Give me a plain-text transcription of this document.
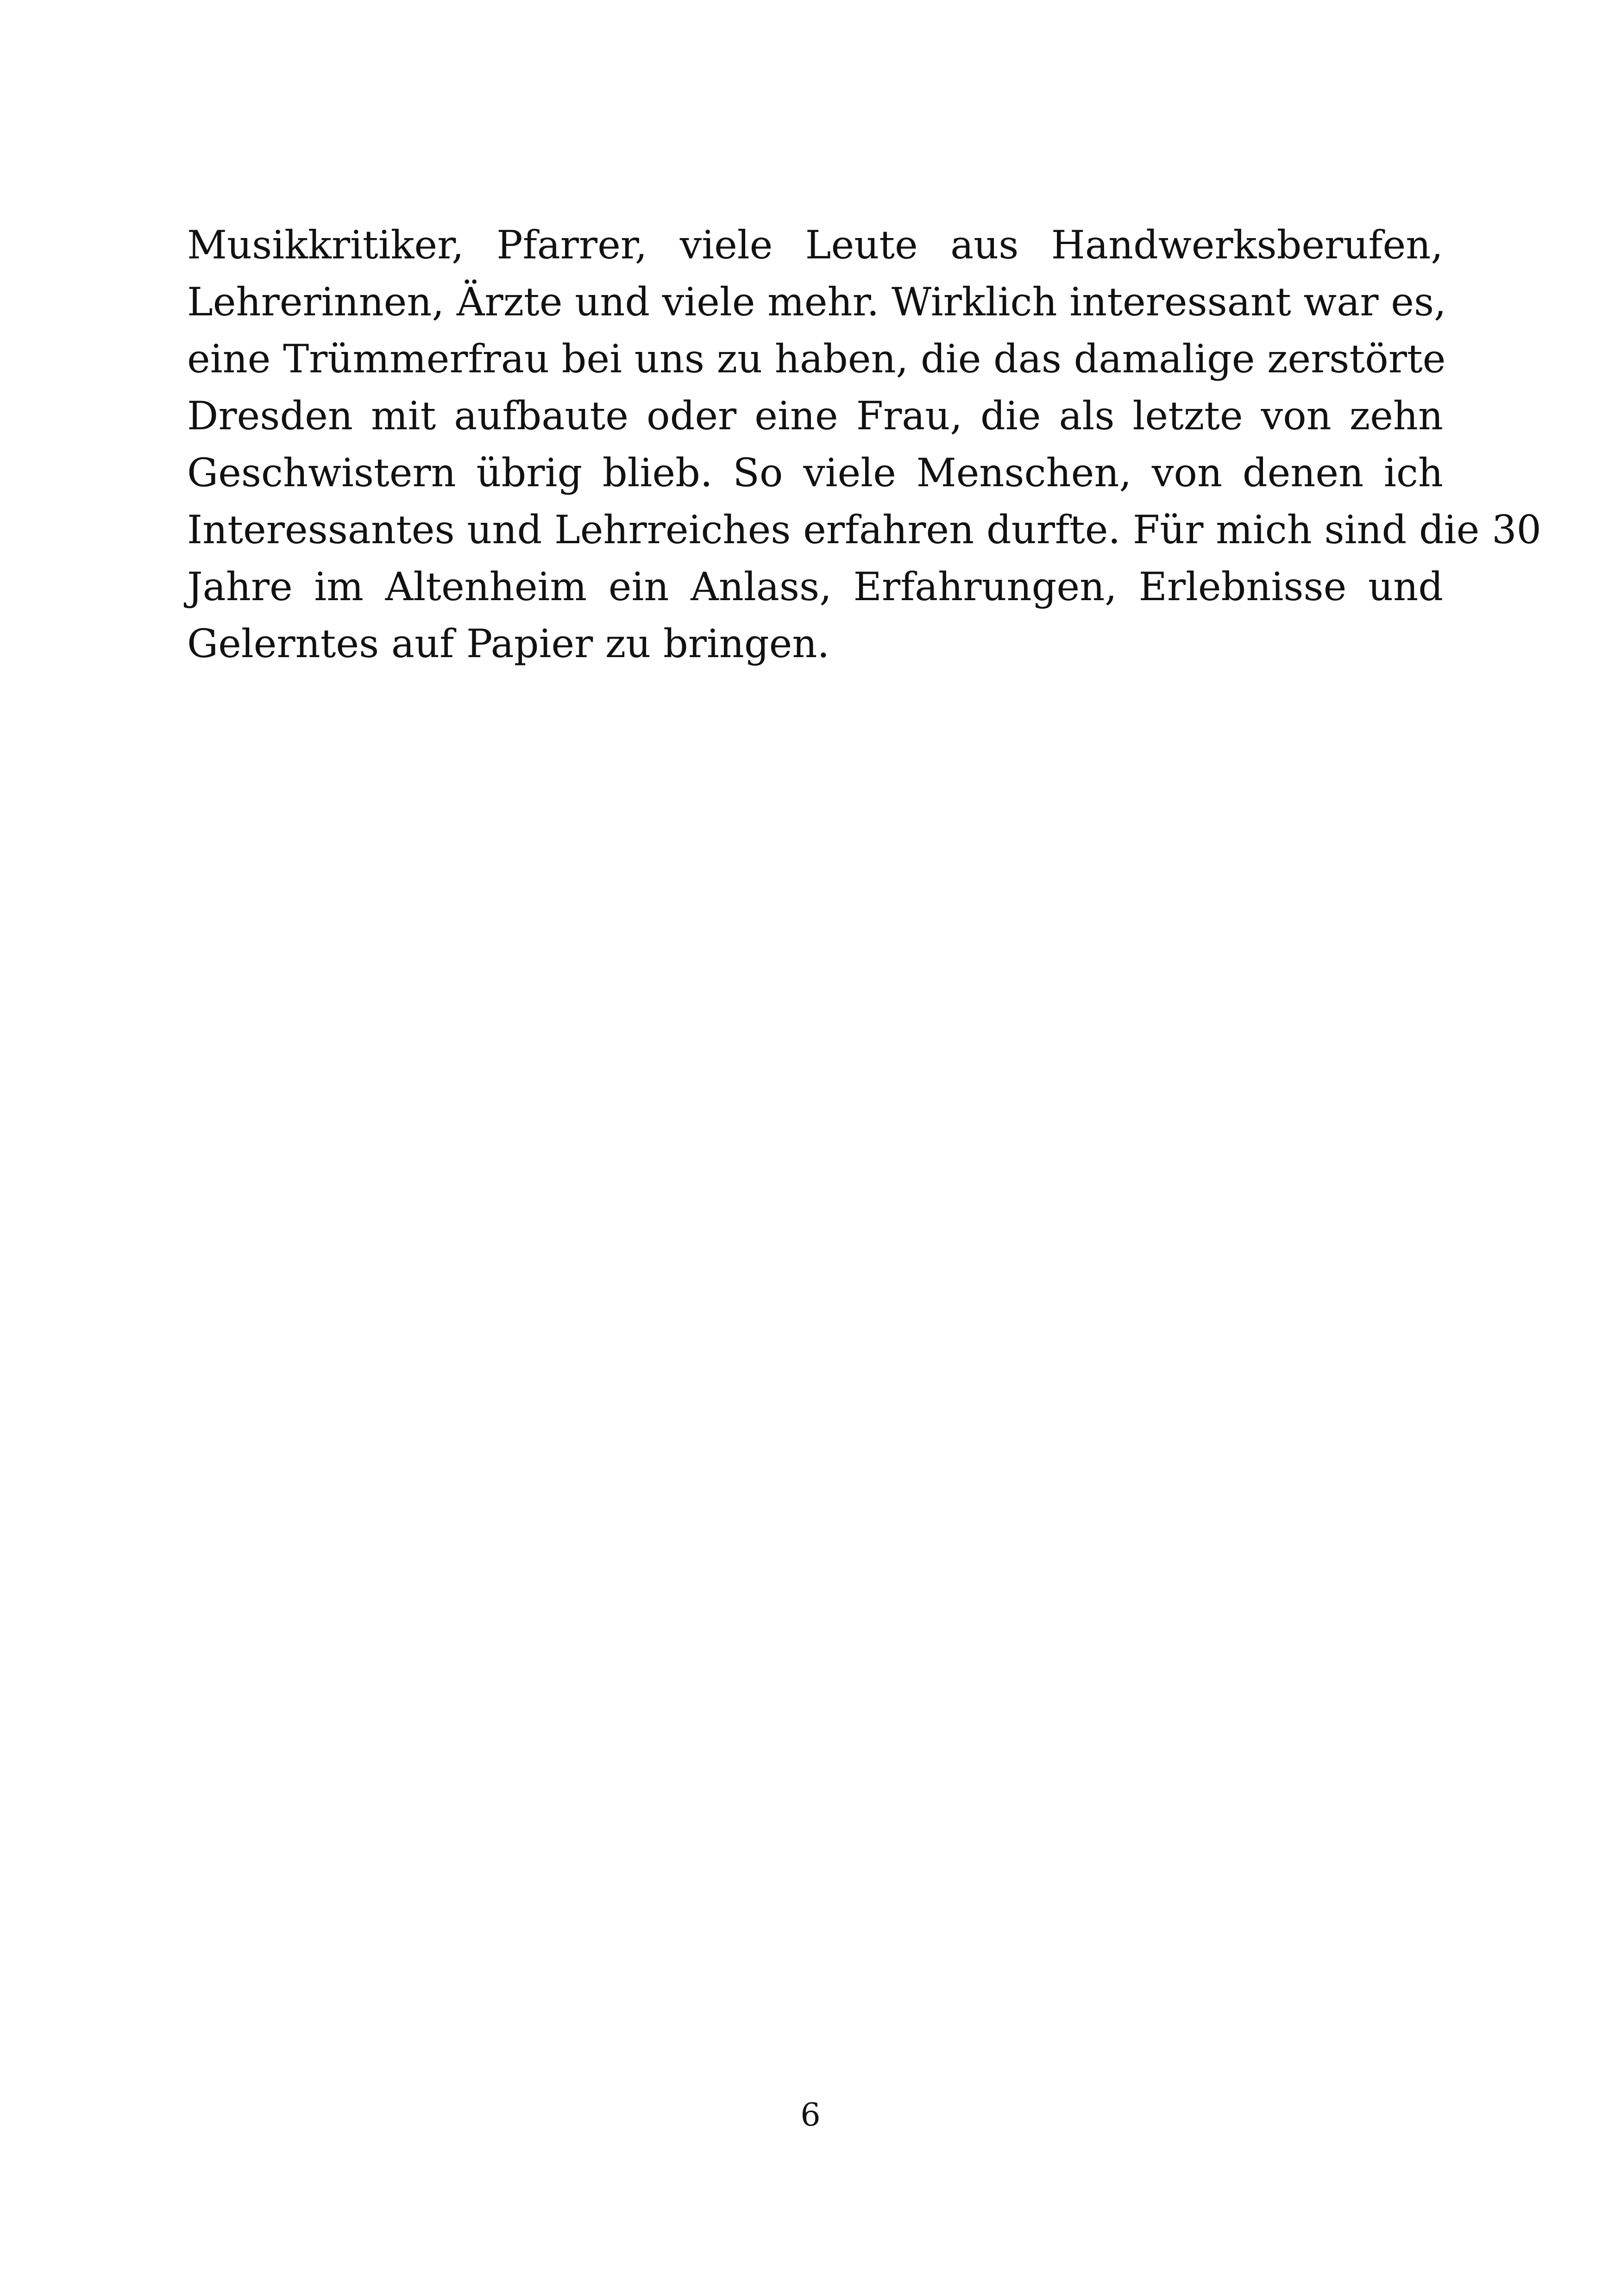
Musikkritiker, Pfarrer, viele Leute aus Handwerksberufen,
Lehrerinnen, Ärzte und viele mehr. Wirklich interessant war es,
eine Trümmerfrau bei uns zu haben, die das damalige zerstörte
Dresden mit aufbaute oder eine Frau, die als letzte von zehn
Geschwistern übrig blieb. So viele Menschen, von denen ich
Interessantes und Lehrreiches erfahren durfte. Für mich sind die 30
Jahre im Altenheim ein Anlass, Erfahrungen, Erlebnisse und
Gelerntes auf Papier zu bringen.

6
